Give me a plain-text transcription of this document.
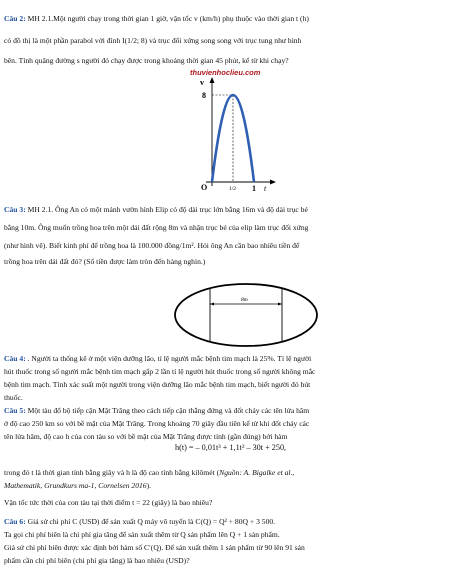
Câu 2: MH 2.1.Một người chạy trong thời gian 1 giờ, vận tốc v (km/h) phụ thuộc vào thời gian t (h)

có đồ thị là một phần parabol với đỉnh I(1/2; 8) và trục đối xứng song song với trục tung như hình

bên. Tính quãng đường s người đó chạy được trong khoảng thời gian 45 phút, kể từ khi chạy?

thuvienhoclieu.com
v
8
O	1/2 1 t

Câu 3: MH 2.1. Ông An có một mảnh vườn hình Elip có độ dài trục lớn bằng 16m và độ dài trục bé

bằng 10m. Ông muốn trồng hoa trên một dải đất rộng 8m và nhận trục bé của elip làm trục đối xứng

(như hình vẽ). Biết kinh phí để trồng hoa là 100.000 đồng/1m². Hỏi ông An cần bao nhiêu tiền để

trồng hoa trên dải đất đó? (Số tiền được làm tròn đến hàng nghìn.)

8m

Câu 4: . Người ta thống kê ở một viện dưỡng lão, tỉ lệ người mắc bệnh tim mạch là 25%. Tỉ lệ người

hút thuốc trong số người mắc bệnh tim mạch gấp 2 lần tỉ lệ người hút thuốc trong số người không mắc

bệnh tim mạch. Tính xác suất một người trong viện dưỡng lão mắc bệnh tim mạch, biết người đó hút

thuốc.

Câu 5: Một tàu đổ bộ tiếp cận Mặt Trăng theo cách tiếp cận thẳng đứng và đốt cháy các tên lửa hãm

ở độ cao 250 km so với bề mặt của Mặt Trăng. Trong khoảng 70 giây đầu tiên kể từ khi đốt cháy các

tên lửa hãm, độ cao h của con tàu so với bề mặt của Mặt Trăng được tính (gần đúng) bởi hàm

h(t) = – 0,01t³ + 1,1t² – 30t + 250,

trong đó t là thời gian tính bằng giây và h là độ cao tính bằng kilômét (Nguồn: A. Bigalke et al.,

Mathematik, Grundkurs ma-1, Cornelsen 2016).

Vận tốc tức thời của con tàu tại thời điểm t = 22 (giây) là bao nhiêu?

Câu 6: Giả sử chi phí C (USD) để sản xuất Q máy vô tuyến là C(Q) = Q² + 80Q + 3 500.

Ta gọi chi phí biên là chi phí gia tăng để sản xuất thêm từ Q sản phẩm lên Q + 1 sản phẩm.

Giả sử chi phí biên được xác định bởi hàm số C′(Q). Để sản xuất thêm 1 sản phẩm từ 90 lên 91 sản

phẩm cần chi phí biên (chi phí gia tăng) là bao nhiêu (USD)?
